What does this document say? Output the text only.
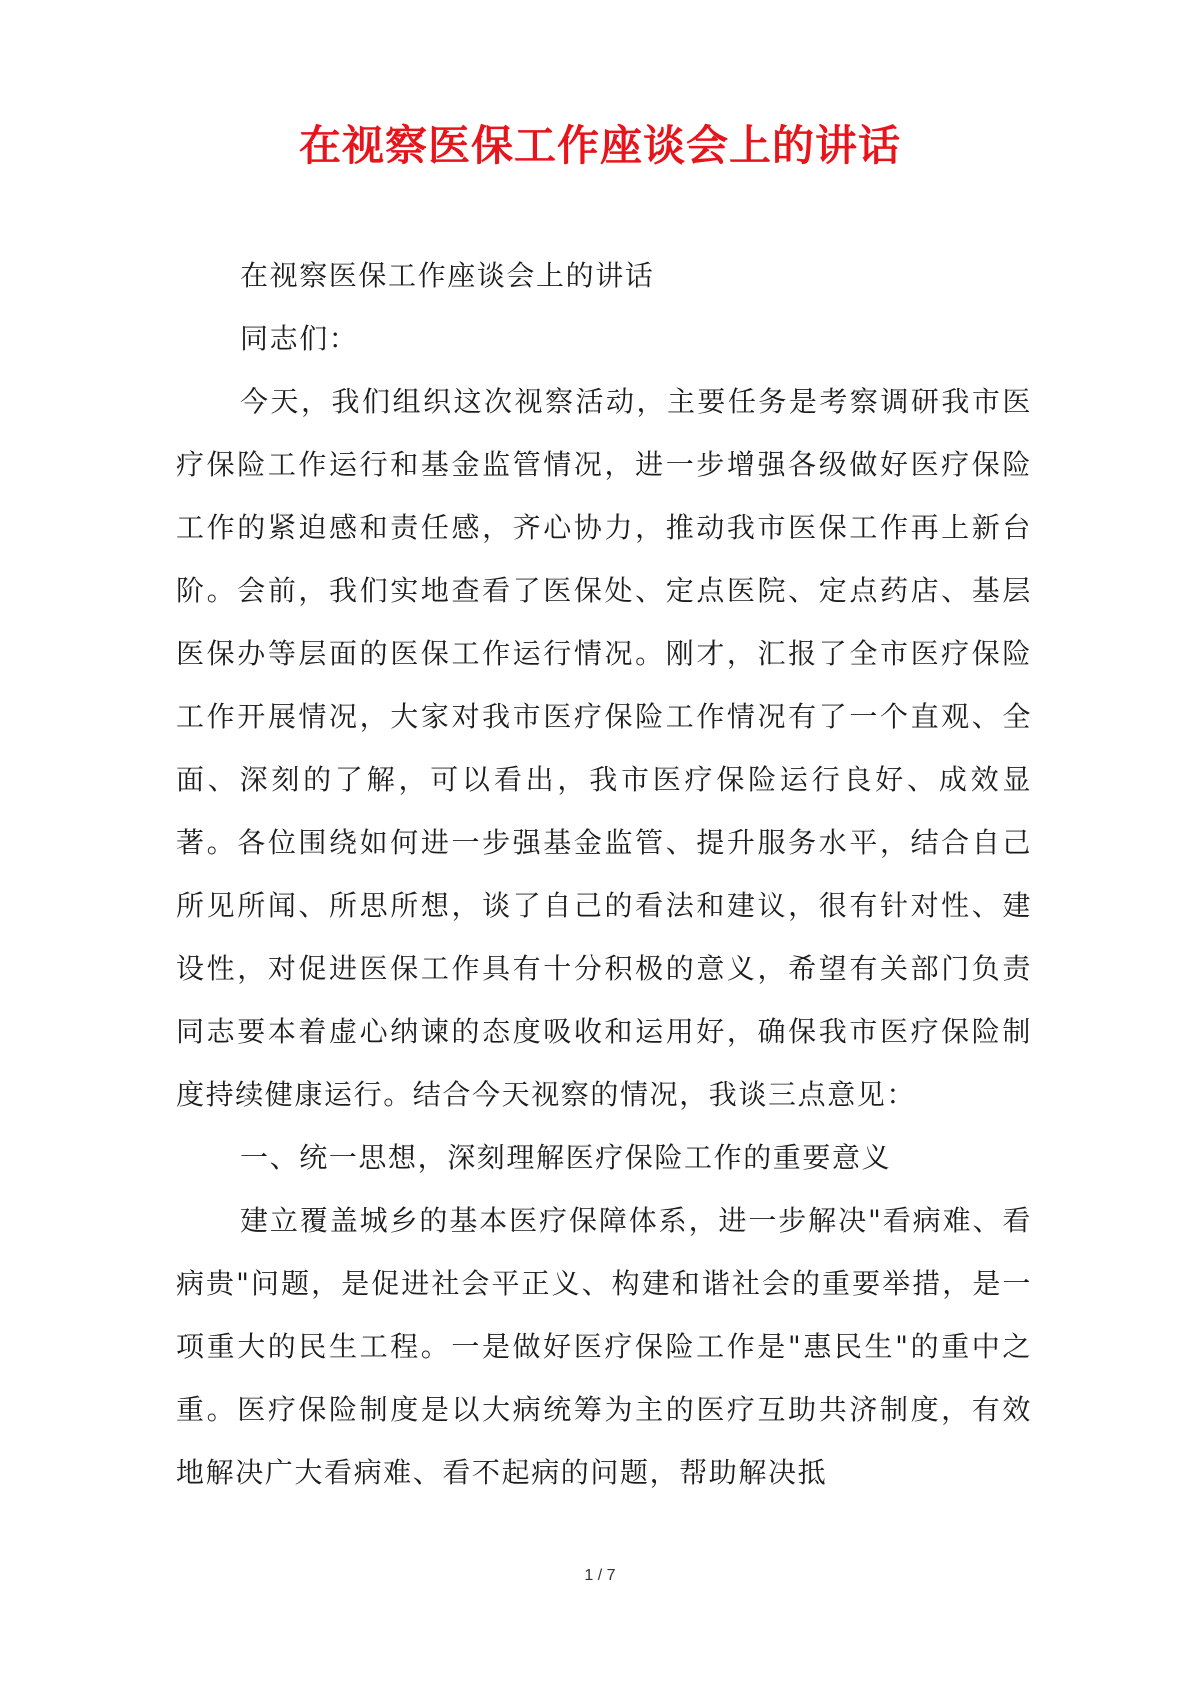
在视察医保工作座谈会上的讲话

在视察医保工作座谈会上的讲话

同志们：

今天，我们组织这次视察活动，主要任务是考察调研我市医疗保险工作运行和基金监管情况，进一步增强各级做好医疗保险工作的紧迫感和责任感，齐心协力，推动我市医保工作再上新台阶。会前，我们实地查看了医保处、定点医院、定点药店、基层医保办等层面的医保工作运行情况。刚才，汇报了全市医疗保险工作开展情况，大家对我市医疗保险工作情况有了一个直观、全面、深刻的了解，可以看出，我市医疗保险运行良好、成效显著。各位围绕如何进一步强基金监管、提升服务水平，结合自己所见所闻、所思所想，谈了自己的看法和建议，很有针对性、建设性，对促进医保工作具有十分积极的意义，希望有关部门负责同志要本着虚心纳谏的态度吸收和运用好，确保我市医疗保险制度持续健康运行。结合今天视察的情况，我谈三点意见：

一、统一思想，深刻理解医疗保险工作的重要意义

建立覆盖城乡的基本医疗保障体系，进一步解决"看病难、看病贵"问题，是促进社会平正义、构建和谐社会的重要举措，是一项重大的民生工程。一是做好医疗保险工作是"惠民生"的重中之重。医疗保险制度是以大病统筹为主的医疗互助共济制度，有效地解决广大看病难、看不起病的问题，帮助解决抵

1 / 7
